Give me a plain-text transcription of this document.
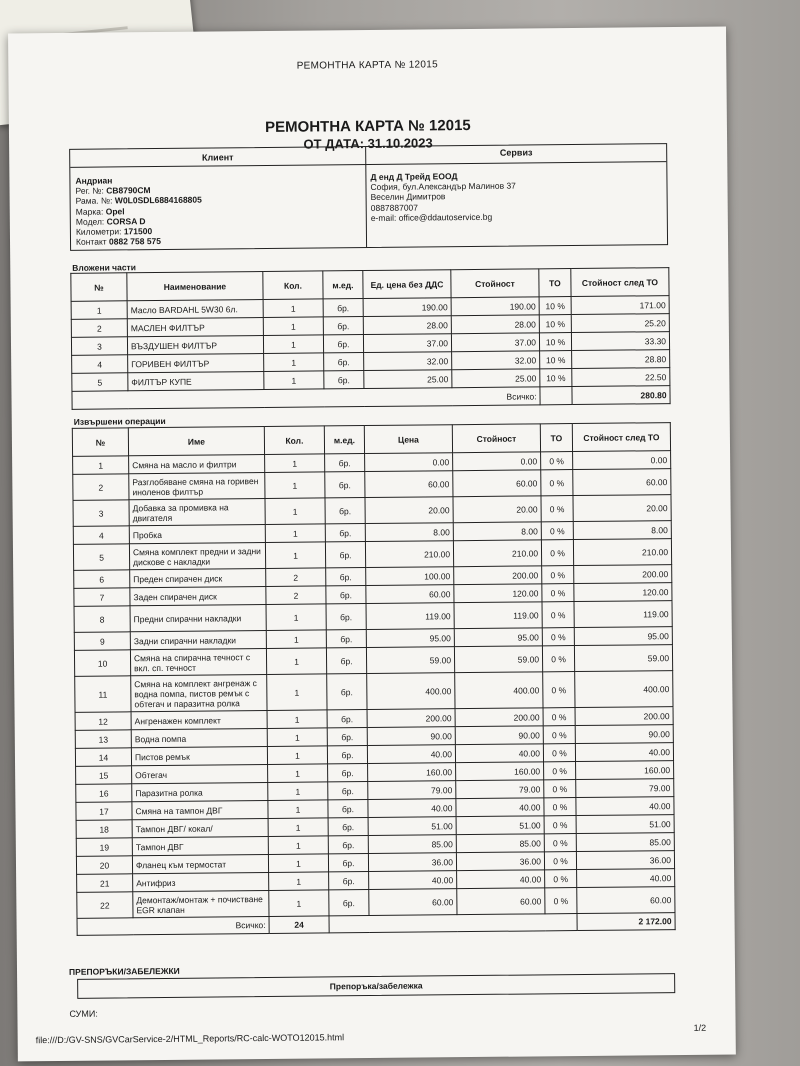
РЕМОНТНА КАРТА № 12015
РЕМОНТНА КАРТА № 12015
ОТ ДАТА: 31.10.2023
Клиент	Сервиз
Андриан
Рег. №: CB8790CM
Рама. №: W0L0SDL6884168805
Марка: Opel
Модел: CORSA D
Километри: 171500
Контакт 0882 758 575
Д енд Д Трейд ЕООД
София, бул.Александър Малинов 37
Веселин Димитров
0887887007
e-mail: office@ddautoservice.bg
Вложени части
№	Наименование	Кол.	м.ед.	Ед. цена без ДДС	Стойност	ТО	Стойност след ТО
1	Масло BARDAHL 5W30 6л.	1	бр.	190.00	190.00	10 %	171.00
2	МАСЛЕН ФИЛТЪР	1	бр.	28.00	28.00	10 %	25.20
3	ВЪЗДУШЕН ФИЛТЪР	1	бр.	37.00	37.00	10 %	33.30
4	ГОРИВЕН ФИЛТЪР	1	бр.	32.00	32.00	10 %	28.80
5	ФИЛТЪР КУПЕ	1	бр.	25.00	25.00	10 %	22.50
Всичко:							280.80
Извършени операции
№	Име	Кол.	м.ед.	Цена	Стойност	ТО	Стойност след ТО
1	Смяна на масло и филтри	1	бр.	0.00	0.00	0 %	0.00
2	Разглобяване смяна на горивен иноленов филтър	1	бр.	60.00	60.00	0 %	60.00
3	Добавка за промивка на двигателя	1	бр.	20.00	20.00	0 %	20.00
4	Пробка	1	бр.	8.00	8.00	0 %	8.00
5	Смяна комплект предни и задни дискове с накладки	1	бр.	210.00	210.00	0 %	210.00
6	Преден спирачен диск	2	бр.	100.00	200.00	0 %	200.00
7	Заден спирачен диск	2	бр.	60.00	120.00	0 %	120.00
8	Предни спирачни накладки	1	бр.	119.00	119.00	0 %	119.00
9	Задни спирачни накладки	1	бр.	95.00	95.00	0 %	95.00
10	Смяна на спирачна течност с вкл. сп. течност	1	бр.	59.00	59.00	0 %	59.00
11	Смяна на комплект ангренаж с водна помпа, пистов ремък с обтегач и паразитна ролка	1	бр.	400.00	400.00	0 %	400.00
12	Ангренажен комплект	1	бр.	200.00	200.00	0 %	200.00
13	Водна помпа	1	бр.	90.00	90.00	0 %	90.00
14	Пистов ремък	1	бр.	40.00	40.00	0 %	40.00
15	Обтегач	1	бр.	160.00	160.00	0 %	160.00
16	Паразитна ролка	1	бр.	79.00	79.00	0 %	79.00
17	Смяна на тампон ДВГ	1	бр.	40.00	40.00	0 %	40.00
18	Тампон ДВГ/ кокал/	1	бр.	51.00	51.00	0 %	51.00
19	Тампон ДВГ	1	бр.	85.00	85.00	0 %	85.00
20	Фланец към термостат	1	бр.	36.00	36.00	0 %	36.00
21	Антифриз	1	бр.	40.00	40.00	0 %	40.00
22	Демонтаж/монтаж + почистване EGR клапан	1	бр.	60.00	60.00	0 %	60.00
Всичко:		24					2 172.00
ПРЕПОРЪКИ/ЗАБЕЛЕЖКИ
Препоръка/забележка
СУМИ:
file:///D:/GV-SNS/GVCarService-2/HTML_Reports/RC-calc-WOTO12015.html
1/2
